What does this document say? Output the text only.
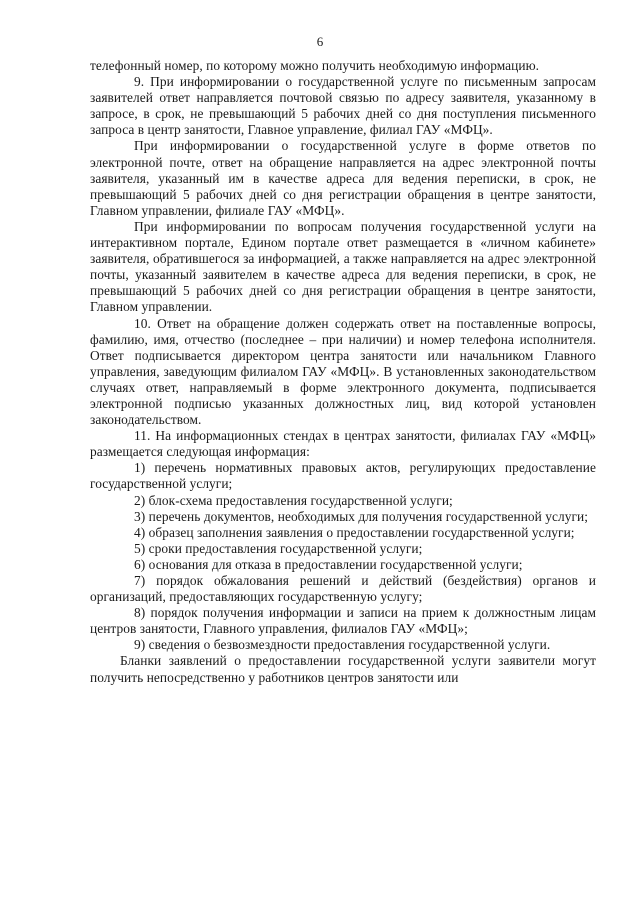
6

телефонный номер, по которому можно получить необходимую информацию.

9. При информировании о государственной услуге по письменным запросам заявителей ответ направляется почтовой связью по адресу заявителя, указанному в запросе, в срок, не превышающий 5 рабочих дней со дня поступления письменного запроса в центр занятости, Главное управление, филиал ГАУ «МФЦ».

При информировании о государственной услуге в форме ответов по электронной почте, ответ на обращение направляется на адрес электронной почты заявителя, указанный им в качестве адреса для ведения переписки, в срок, не превышающий 5 рабочих дней со дня регистрации обращения в центре занятости, Главном управлении, филиале ГАУ «МФЦ».

При информировании по вопросам получения государственной услуги на интерактивном портале, Едином портале ответ размещается в «личном кабинете» заявителя, обратившегося за информацией, а также направляется на адрес электронной почты, указанный заявителем в качестве адреса для ведения переписки, в срок, не превышающий 5 рабочих дней со дня регистрации обращения в центре занятости, Главном управлении.

10. Ответ на обращение должен содержать ответ на поставленные вопросы, фамилию, имя, отчество (последнее – при наличии) и номер телефона исполнителя. Ответ подписывается директором центра занятости или начальником Главного управления, заведующим филиалом ГАУ «МФЦ». В установленных законодательством случаях ответ, направляемый в форме электронного документа, подписывается электронной подписью указанных должностных лиц, вид которой установлен законодательством.

11. На информационных стендах в центрах занятости, филиалах ГАУ «МФЦ» размещается следующая информация:

1) перечень нормативных правовых актов, регулирующих предоставление государственной услуги;

2) блок-схема предоставления государственной услуги;

3) перечень документов, необходимых для получения государственной услуги;

4) образец заполнения заявления о предоставлении государственной услуги;

5) сроки предоставления государственной услуги;

6) основания для отказа в предоставлении государственной услуги;

7) порядок обжалования решений и действий (бездействия) органов и организаций, предоставляющих государственную услугу;

8) порядок получения информации и записи на прием к должностным лицам центров занятости, Главного управления, филиалов ГАУ «МФЦ»;

9) сведения о безвозмездности предоставления государственной услуги.

Бланки заявлений о предоставлении государственной услуги заявители могут получить непосредственно у работников центров занятости или
